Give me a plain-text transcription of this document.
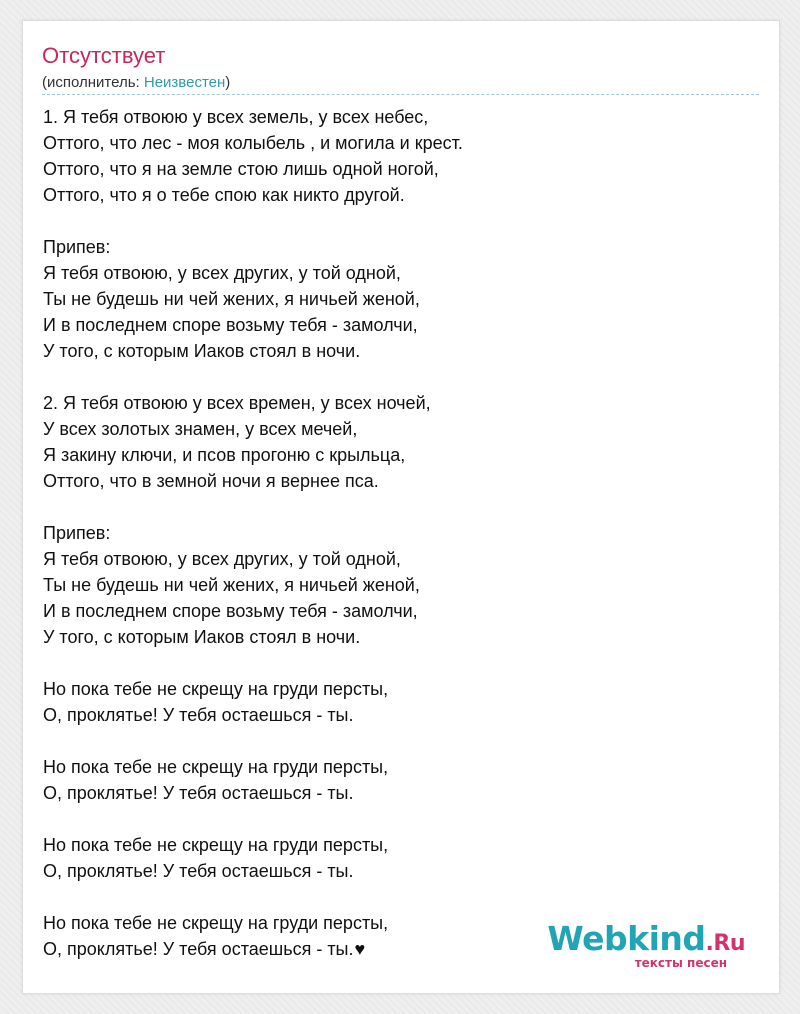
Отсутствует
(исполнитель: Неизвестен)
1. Я тебя отвоюю у всех земель, у всех небес,
Оттого, что лес - моя колыбель , и могила и крест.
Оттого, что я на земле стою лишь одной ногой,
Оттого, что я о тебе спою как никто другой.
Припев:
Я тебя отвоюю, у всех других, у той одной,
Ты не будешь ни чей жених, я ничьей женой,
И в последнем споре возьму тебя - замолчи,
У того, с которым Иаков стоял в ночи.
2. Я тебя отвоюю у всех времен, у всех ночей,
У всех золотых знамен, у всех мечей,
Я закину ключи, и псов прогоню с крыльца,
Оттого, что в земной ночи я вернее пса.
Припев:
Я тебя отвоюю, у всех других, у той одной,
Ты не будешь ни чей жених, я ничьей женой,
И в последнем споре возьму тебя - замолчи,
У того, с которым Иаков стоял в ночи.
Но пока тебе не скрещу на груди персты,
О, проклятье! У тебя остаешься - ты.
Но пока тебе не скрещу на груди персты,
О, проклятье! У тебя остаешься - ты.
Но пока тебе не скрещу на груди персты,
О, проклятье! У тебя остаешься - ты.
Но пока тебе не скрещу на груди персты,
О, проклятье! У тебя остаешься - ты.♥	Webkind.Ru
тексты песен
